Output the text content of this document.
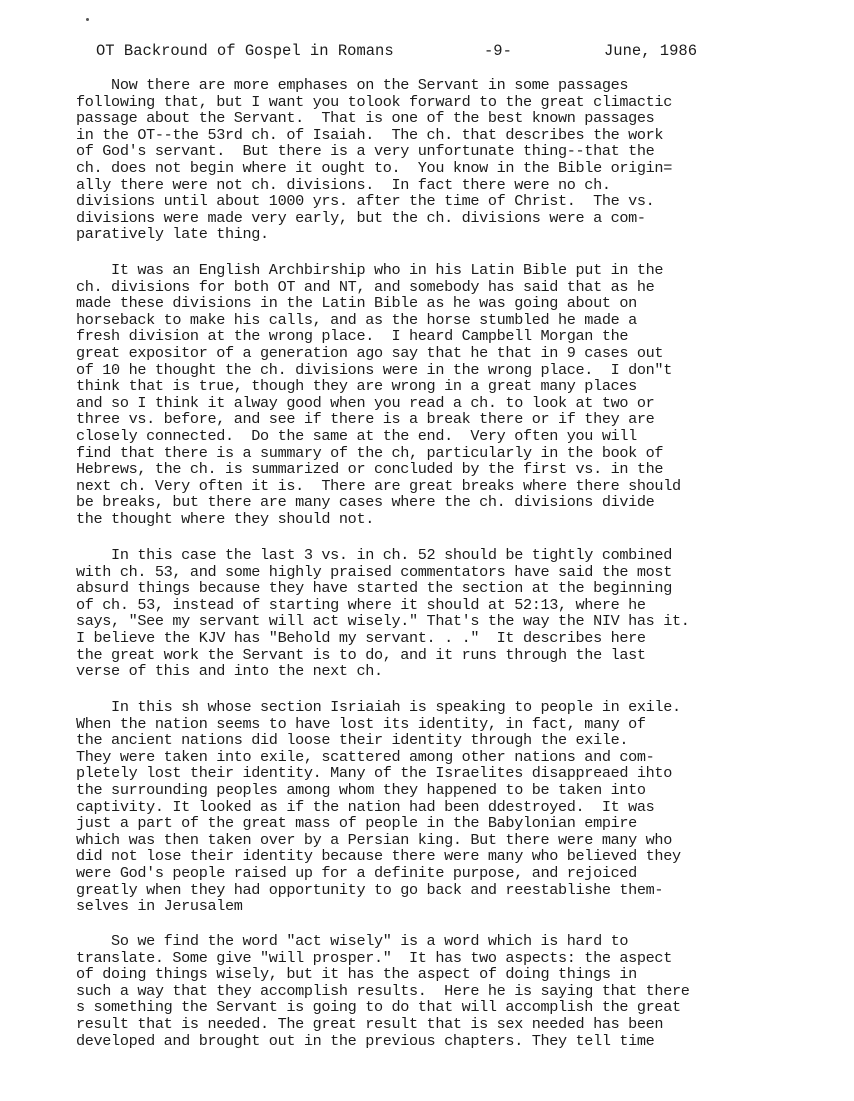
OT Backround of Gospel in Romans

	-9-

	June, 1986

Now there are more emphases on the Servant in some passages
following that, but I want you tolook forward to the great climactic
passage about the Servant.  That is one of the best known passages
in the OT--the 53rd ch. of Isaiah.  The ch. that describes the work
of God's servant.  But there is a very unfortunate thing--that the
ch. does not begin where it ought to.  You know in the Bible origin=
ally there were not ch. divisions.  In fact there were no ch.
divisions until about 1000 yrs. after the time of Christ.  The vs.
divisions were made very early, but the ch. divisions were a com-
paratively late thing.
It was an English Archbirship who in his Latin Bible put in the
ch. divisions for both OT and NT, and somebody has said that as he
made these divisions in the Latin Bible as he was going about on
horseback to make his calls, and as the horse stumbled he made a
fresh division at the wrong place.  I heard Campbell Morgan the
great expositor of a generation ago say that he that in 9 cases out
of 10 he thought the ch. divisions were in the wrong place.  I don"t
think that is true, though they are wrong in a great many places
and so I think it alway good when you read a ch. to look at two or
three vs. before, and see if there is a break there or if they are
closely connected.  Do the same at the end.  Very often you will
find that there is a summary of the ch, particularly in the book of
Hebrews, the ch. is summarized or concluded by the first vs. in the
next ch. Very often it is.  There are great breaks where there should
be breaks, but there are many cases where the ch. divisions divide
the thought where they should not.
In this case the last 3 vs. in ch. 52 should be tightly combined
with ch. 53, and some highly praised commentators have said the most
absurd things because they have started the section at the beginning
of ch. 53, instead of starting where it should at 52:13, where he
says, "See my servant will act wisely." That's the way the NIV has it.
I believe the KJV has "Behold my servant. . ."  It describes here
the great work the Servant is to do, and it runs through the last
verse of this and into the next ch.
In this sh whose section Isriaiah is speaking to people in exile.
When the nation seems to have lost its identity, in fact, many of
the ancient nations did loose their identity through the exile.
They were taken into exile, scattered among other nations and com-
pletely lost their identity. Many of the Israelites disappreaed ihto
the surrounding peoples among whom they happened to be taken into
captivity. It looked as if the nation had been ddestroyed.  It was
just a part of the great mass of people in the Babylonian empire
which was then taken over by a Persian king. But there were many who
did not lose their identity because there were many who believed they
were God's people raised up for a definite purpose, and rejoiced
greatly when they had opportunity to go back and reestablishe them-
selves in Jerusalem
So we find the word "act wisely" is a word which is hard to
translate. Some give "will prosper."  It has two aspects: the aspect
of doing things wisely, but it has the aspect of doing things in
such a way that they accomplish results.  Here he is saying that there
s something the Servant is going to do that will accomplish the great
result that is needed. The great result that is sex needed has been
developed and brought out in the previous chapters. They tell time
